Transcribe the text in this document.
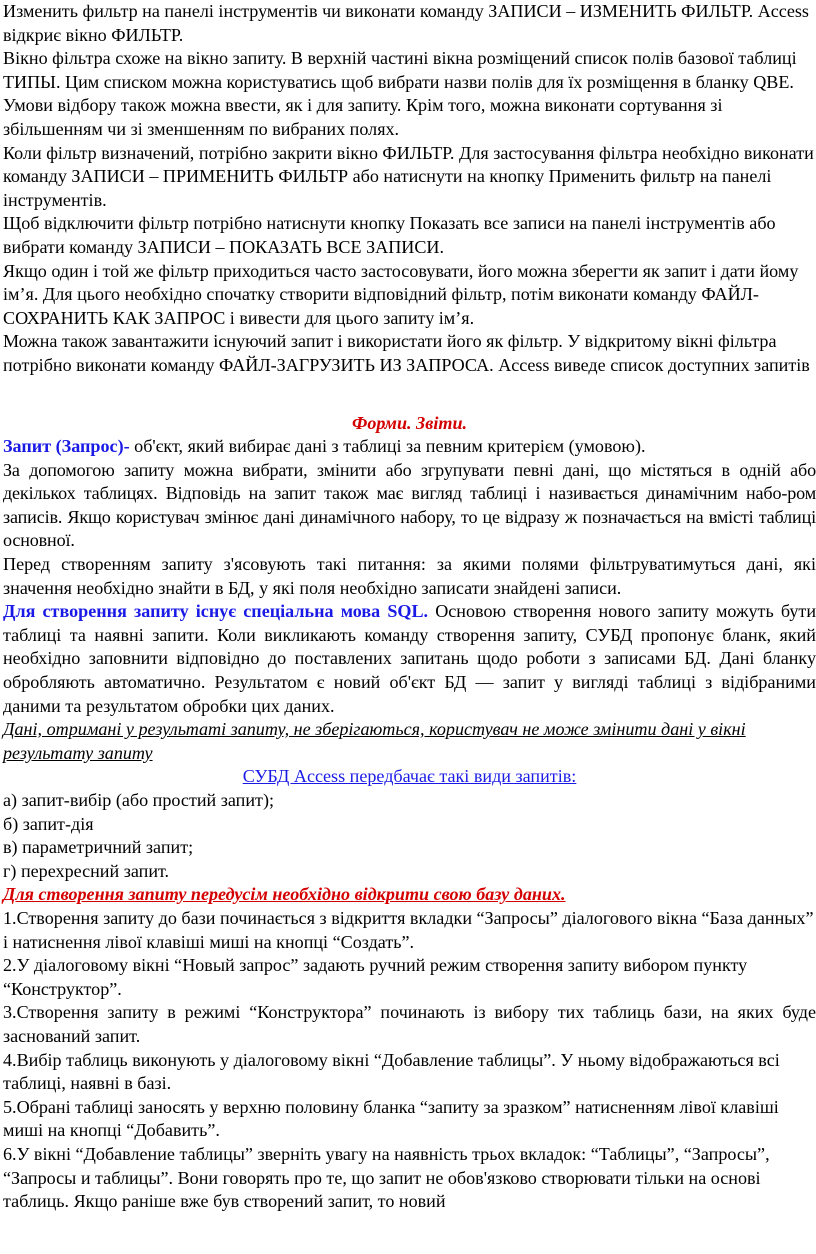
Изменить фильтр на панелі інструментів чи виконати команду ЗАПИСИ – ИЗМЕНИТЬ ФИЛЬТР. Access відкриє вікно ФИЛЬТР.

Вікно фільтра схоже на вікно запиту. В верхній частині вікна розміщений список полів базової таблиці ТИПЫ. Цим списком можна користуватись щоб вибрати назви полів для їх розміщення в бланку QBE. Умови відбору також можна ввести, як і для запиту. Крім того, можна виконати сортування зі збільшенням чи зі зменшенням по вибраних полях.

Коли фільтр визначений, потрібно закрити вікно ФИЛЬТР. Для застосування фільтра необхідно виконати команду ЗАПИСИ – ПРИМЕНИТЬ ФИЛЬТР або натиснути на кнопку Применить фильтр на панелі інструментів.

Щоб відключити фільтр потрібно натиснути кнопку Показать все записи на панелі інструментів або вибрати команду ЗАПИСИ – ПОКАЗАТЬ ВСЕ ЗАПИСИ.

Якщо один і той же фільтр приходиться часто застосовувати, його можна зберегти як запит і дати йому ім’я. Для цього необхідно спочатку створити відповідний фільтр, потім виконати команду ФАЙЛ-СОХРАНИТЬ КАК ЗАПРОС і вивести для цього запиту ім’я.

Можна також завантажити існуючий запит і використати його як фільтр. У відкритому вікні фільтра потрібно виконати команду ФАЙЛ-ЗАГРУЗИТЬ ИЗ ЗАПРОСА. Access виведе список доступних запитів

Форми. Звіти.

Запит (Запрос)- об'єкт, який вибирає дані з таблиці за певним критерієм (умовою).

За допомогою запиту можна вибрати, змінити або згрупувати певні дані, що містяться в одній або декількох таблицях. Відповідь на запит також має вигляд таблиці і називається динамічним набо-ром записів. Якщо користувач змінює дані динамічного набору, то це відразу ж позначається на вмісті таблиці основної.

Перед створенням запиту з'ясовують такі питання: за якими полями фільтруватимуться дані, які значення необхідно знайти в БД, у які поля необхідно записати знайдені записи.

Для створення запиту існує спеціальна мова SQL. Основою створення нового запиту можуть бути таблиці та наявні запити. Коли викликають команду створення запиту, СУБД пропонує бланк, який необхідно заповнити відповідно до поставлених запитань щодо роботи з записами БД. Дані бланку обробляють автоматично. Результатом є новий об'єкт БД — запит у вигляді таблиці з відібраними даними та результатом обробки цих даних.

Дані, отримані у результаті запиту, не зберігаються, користувач не може змінити дані у вікні результату запиту

СУБД Access передбачає такі види запитів:

а) запит-вибір (або простий запит);

б) запит-дія

в) параметричний запит;

г) перехресний запит.

Для створення запиту передусім необхідно відкрити свою базу даних.

1.Створення запиту до бази починається з відкриття вкладки “Запросы” діалогового вікна “База данных” і натиснення лівої клавіші миші на кнопці “Создать”.

2.У діалоговому вікні “Новый запрос” задають ручний режим створення запиту вибором пункту “Конструктор”.

3.Створення запиту в режимі “Конструктора” починають із вибору тих таблиць бази, на яких буде заснований запит.

4.Вибір таблиць виконують у діалоговому вікні “Добавление таблицы”. У ньому відображаються всі таблиці, наявні в базі.

5.Обрані таблиці заносять у верхню половину бланка “запиту за зразком” натисненням лівої клавіші миші на кнопці “Добавить”.

6.У вікні “Добавление таблицы” зверніть увагу на наявність трьох вкладок: “Таблицы”, “Запросы”, “Запросы и таблицы”. Вони говорять про те, що запит не обов'язково створювати тільки на основі таблиць. Якщо раніше вже був створений запит, то новий
